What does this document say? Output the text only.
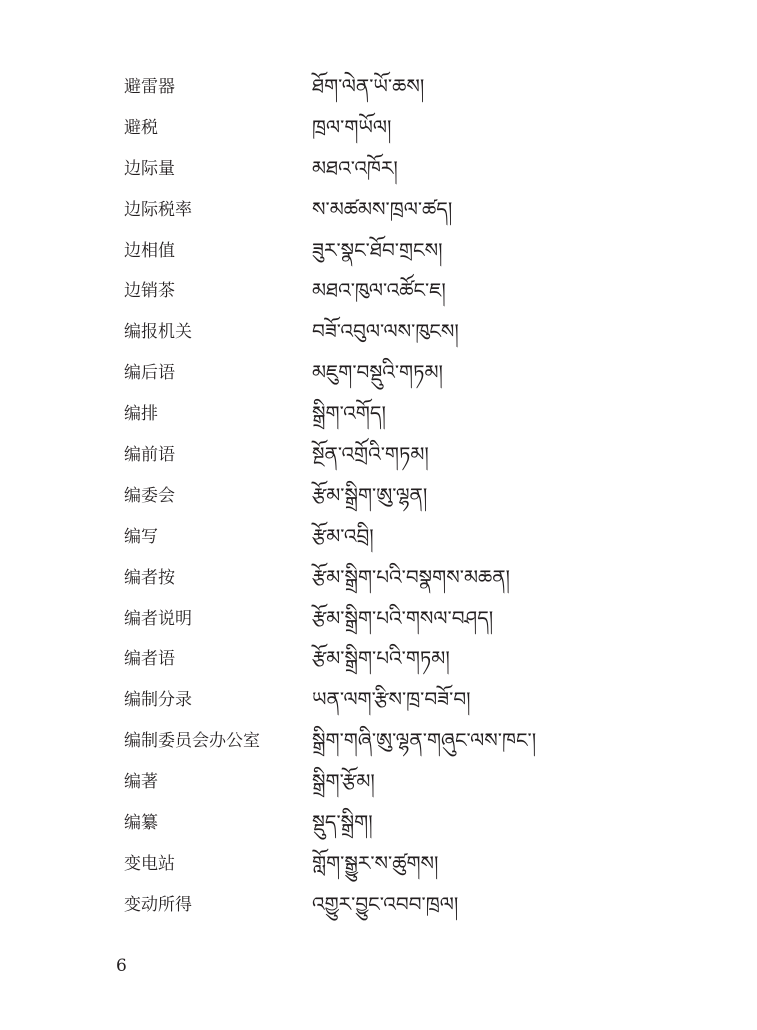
避雷器	ཐོག་ལེན་ཡོ་ཆས།
避税	ཁྲལ་གཡོལ།
边际量	མཐའ་འཁོར།
边际税率	ས་མཚམས་ཁྲལ་ཚད།
边相值	ཟུར་སྣང་ཐོབ་གྲངས།
边销茶	མཐའ་ཁུལ་འཚོང་ཇ།
编报机关	བཟོ་འབུལ་ལས་ཁུངས།
编后语	མཇུག་བསྡུའི་གཏམ།
编排	སྒྲིག་འགོད།
编前语	སྔོན་འགྲོའི་གཏམ།
编委会	རྩོམ་སྒྲིག་ཨུ་ལྷན།
编写	རྩོམ་འབྲི།
编者按	རྩོམ་སྒྲིག་པའི་བསྣགས་མཆན།
编者说明	རྩོམ་སྒྲིག་པའི་གསལ་བཤད།
编者语	རྩོམ་སྒྲིག་པའི་གཏམ།
编制分录	ཡན་ལག་རྩིས་ཁྲ་བཟོ་བ།
编制委员会办公室	སྒྲིག་གཞི་ཨུ་ལྷན་གཞུང་ལས་ཁང་།
编著	སྒྲིག་རྩོམ།
编纂	སྡུད་སྒྲིག།
变电站	གློག་སྒྱུར་ས་ཚུགས།
变动所得	འགྱུར་བྱུང་འབབ་ཁྲལ།
6
